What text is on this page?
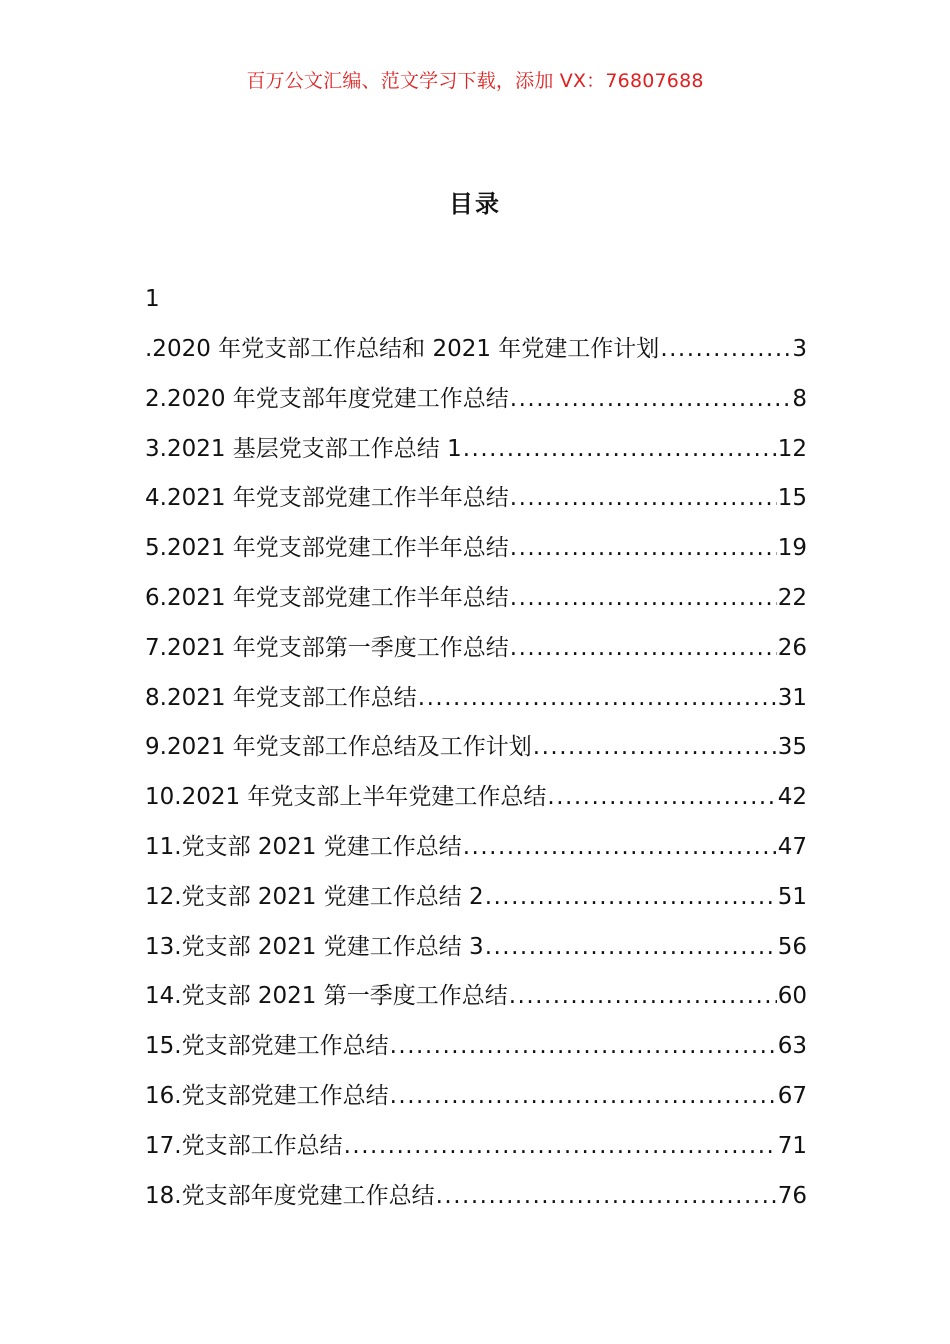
百万公文汇编、范文学习下载，添加 VX：76807688
目录
1
.2020 年党支部工作总结和 2021 年党建工作计划 .....	3
2.2020 年党支部年度党建工作总结 .....	8
3.2021 基层党支部工作总结 1 .....	12
4.2021 年党支部党建工作半年总结 .....	15
5.2021 年党支部党建工作半年总结 .....	19
6.2021 年党支部党建工作半年总结 .....	22
7.2021 年党支部第一季度工作总结 .....	26
8.2021 年党支部工作总结 .....	31
9.2021 年党支部工作总结及工作计划 .....	35
10.2021 年党支部上半年党建工作总结 .....	42
11.党支部 2021 党建工作总结 .....	47
12.党支部 2021 党建工作总结 2 .....	51
13.党支部 2021 党建工作总结 3 .....	56
14.党支部 2021 第一季度工作总结 .....	60
15.党支部党建工作总结 .....	63
16.党支部党建工作总结 .....	67
17.党支部工作总结 .....	71
18.党支部年度党建工作总结 .....	76
